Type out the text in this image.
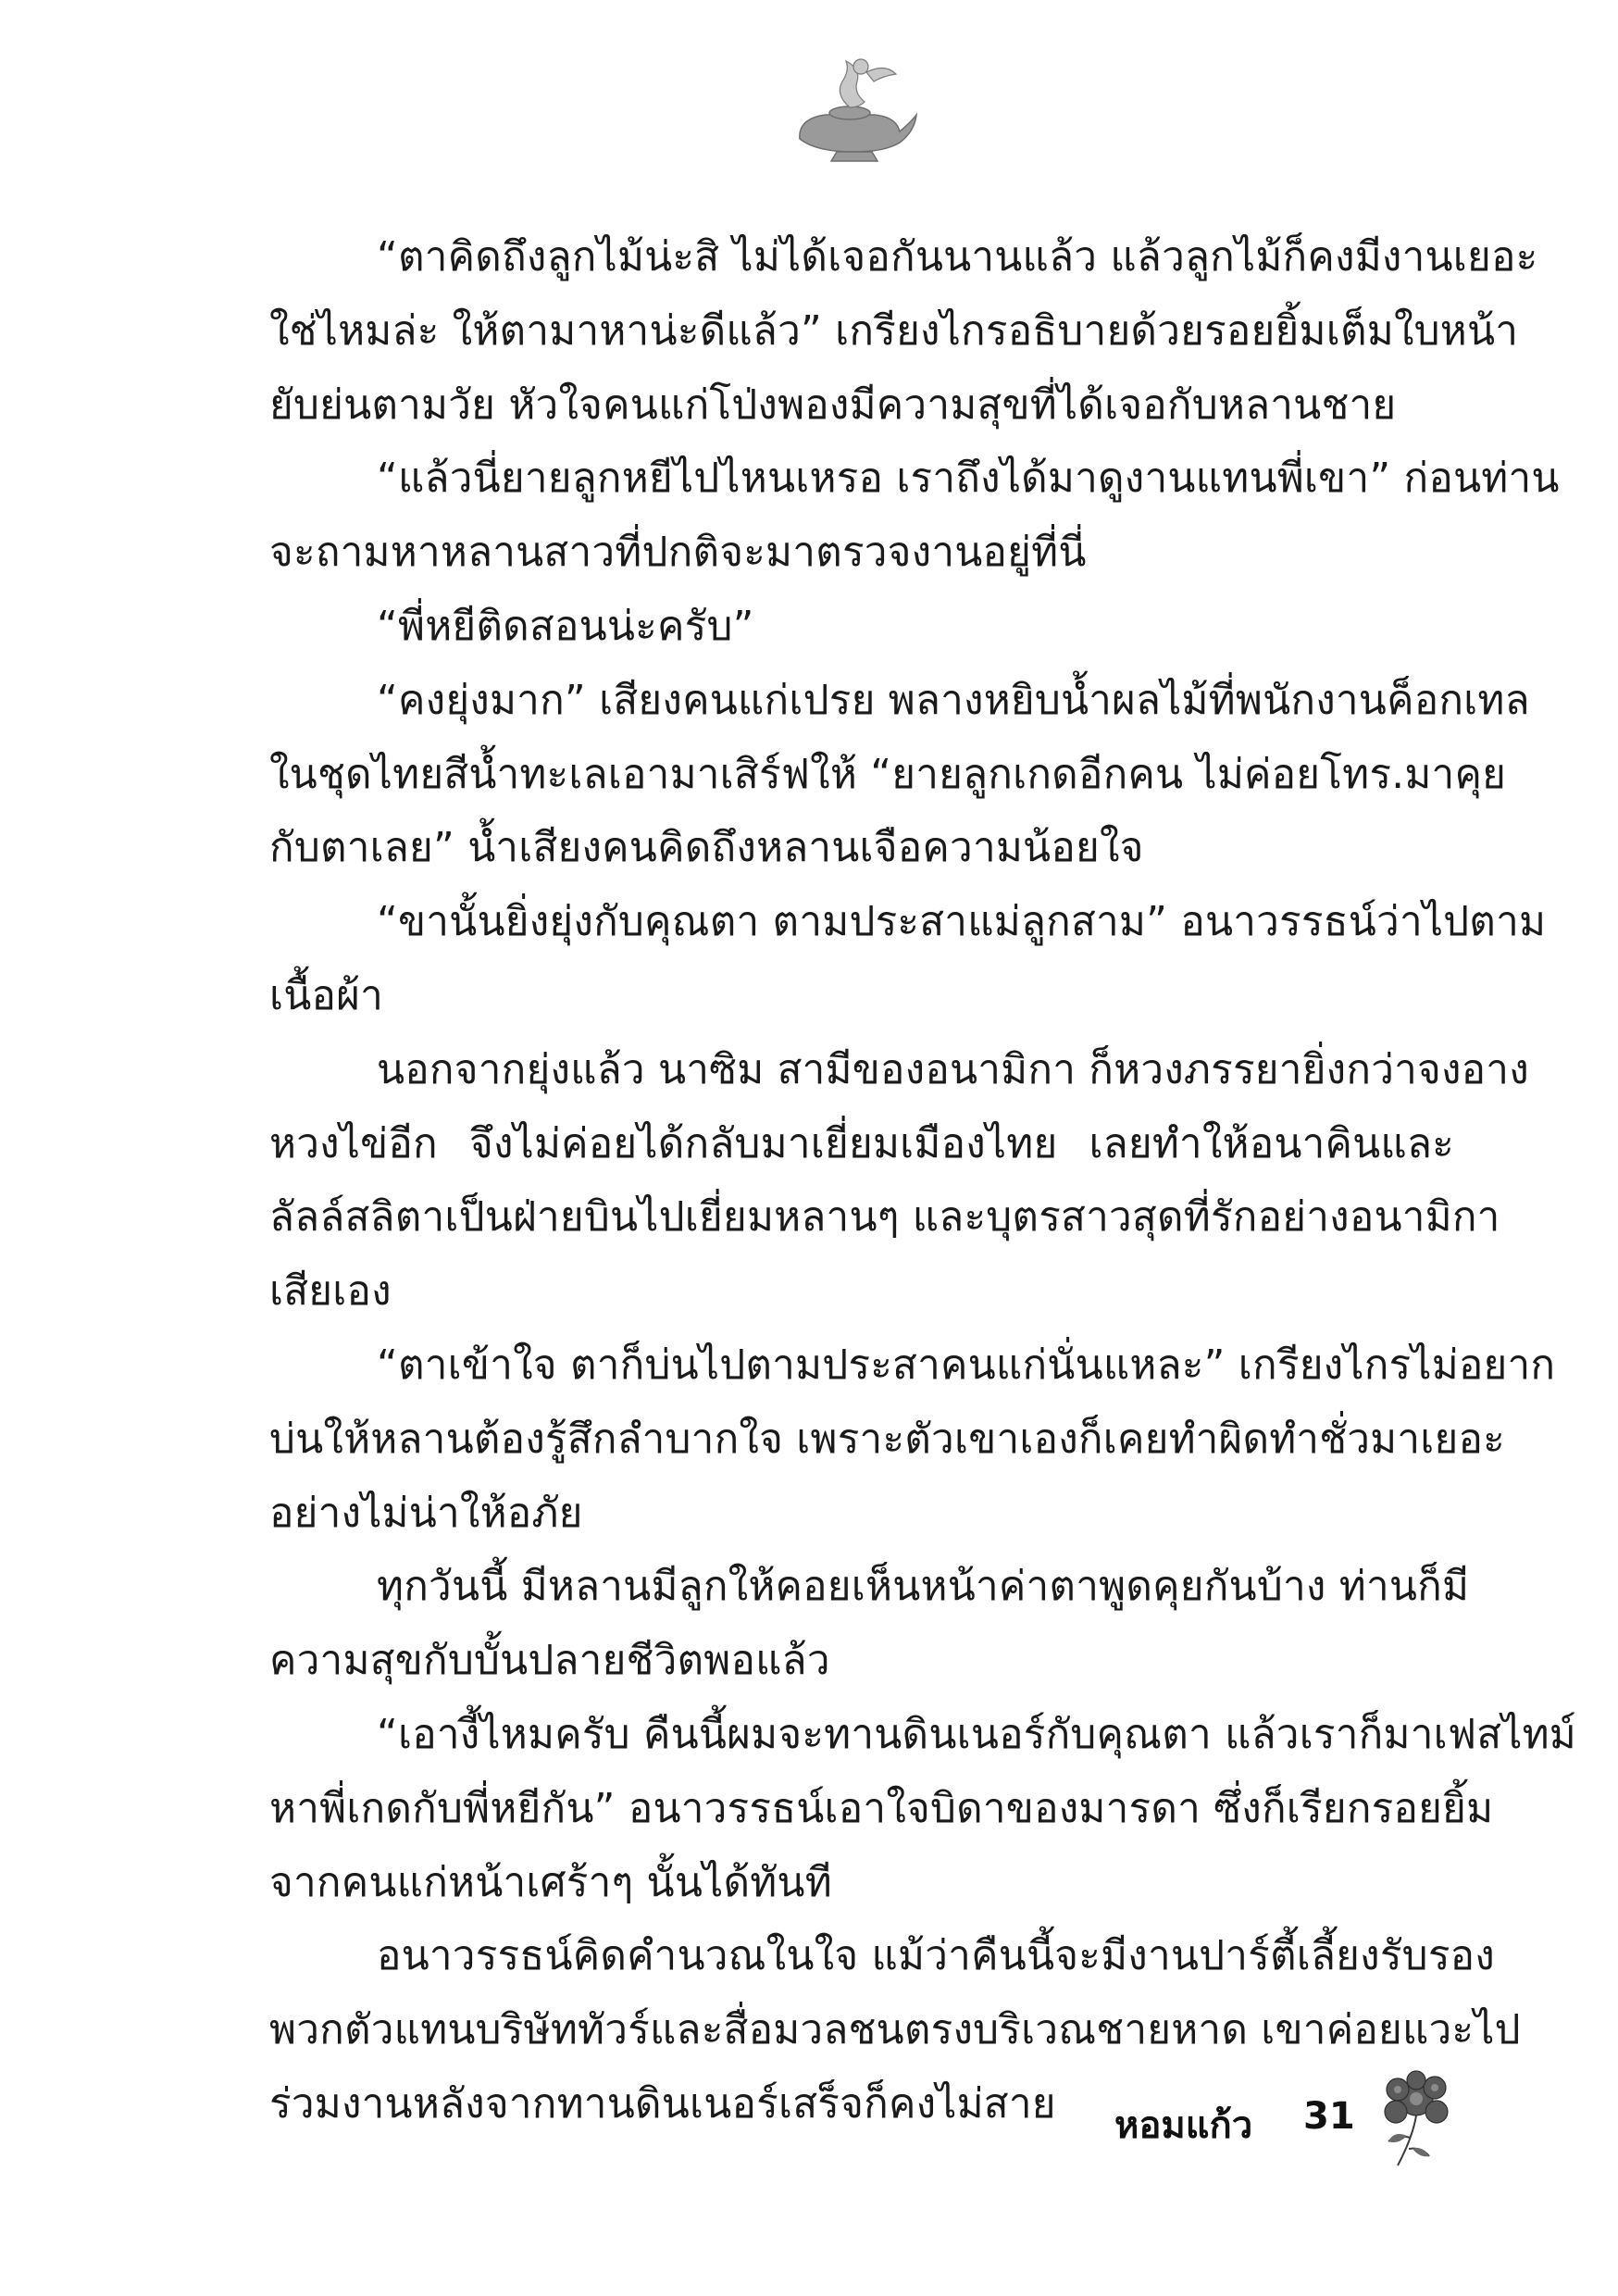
“ตาคิดถึงลูกไม้น่ะสิ ไม่ได้เจอกันนานแล้ว แล้วลูกไม้ก็คงมีงานเยอะ
ใช่ไหมล่ะ ให้ตามาหาน่ะดีแล้ว” เกรียงไกรอธิบายด้วยรอยยิ้มเต็มใบหน้า
ยับย่นตามวัย หัวใจคนแก่โป่งพองมีความสุขที่ได้เจอกับหลานชาย
“แล้วนี่ยายลูกหยีไปไหนเหรอ เราถึงได้มาดูงานแทนพี่เขา” ก่อนท่าน
จะถามหาหลานสาวที่ปกติจะมาตรวจงานอยู่ที่นี่
“พี่หยีติดสอนน่ะครับ”
“คงยุ่งมาก” เสียงคนแก่เปรย พลางหยิบน้ำผลไม้ที่พนักงานค็อกเทล
ในชุดไทยสีน้ำทะเลเอามาเสิร์ฟให้ “ยายลูกเกดอีกคน ไม่ค่อยโทร.มาคุย
กับตาเลย” น้ำเสียงคนคิดถึงหลานเจือความน้อยใจ
“ขานั้นยิ่งยุ่งกับคุณตา ตามประสาแม่ลูกสาม” อนาวรรธน์ว่าไปตาม
เนื้อผ้า
นอกจากยุ่งแล้ว นาซิม สามีของอนามิกา ก็หวงภรรยายิ่งกว่าจงอาง
หวงไข่อีก จึงไม่ค่อยได้กลับมาเยี่ยมเมืองไทย เลยทำให้อนาคินและ
ลัลล์สลิตาเป็นฝ่ายบินไปเยี่ยมหลานๆ และบุตรสาวสุดที่รักอย่างอนามิกา
เสียเอง
“ตาเข้าใจ ตาก็บ่นไปตามประสาคนแก่นั่นแหละ” เกรียงไกรไม่อยาก
บ่นให้หลานต้องรู้สึกลำบากใจ เพราะตัวเขาเองก็เคยทำผิดทำชั่วมาเยอะ
อย่างไม่น่าให้อภัย
ทุกวันนี้ มีหลานมีลูกให้คอยเห็นหน้าค่าตาพูดคุยกันบ้าง ท่านก็มี
ความสุขกับบั้นปลายชีวิตพอแล้ว
“เอางี้ไหมครับ คืนนี้ผมจะทานดินเนอร์กับคุณตา แล้วเราก็มาเฟสไทม์
หาพี่เกดกับพี่หยีกัน” อนาวรรธน์เอาใจบิดาของมารดา ซึ่งก็เรียกรอยยิ้ม
จากคนแก่หน้าเศร้าๆ นั้นได้ทันที
อนาวรรธน์คิดคำนวณในใจ แม้ว่าคืนนี้จะมีงานปาร์ตี้เลี้ยงรับรอง
พวกตัวแทนบริษัททัวร์และสื่อมวลชนตรงบริเวณชายหาด เขาค่อยแวะไป
ร่วมงานหลังจากทานดินเนอร์เสร็จก็คงไม่สาย	หอมแก้ว 31
